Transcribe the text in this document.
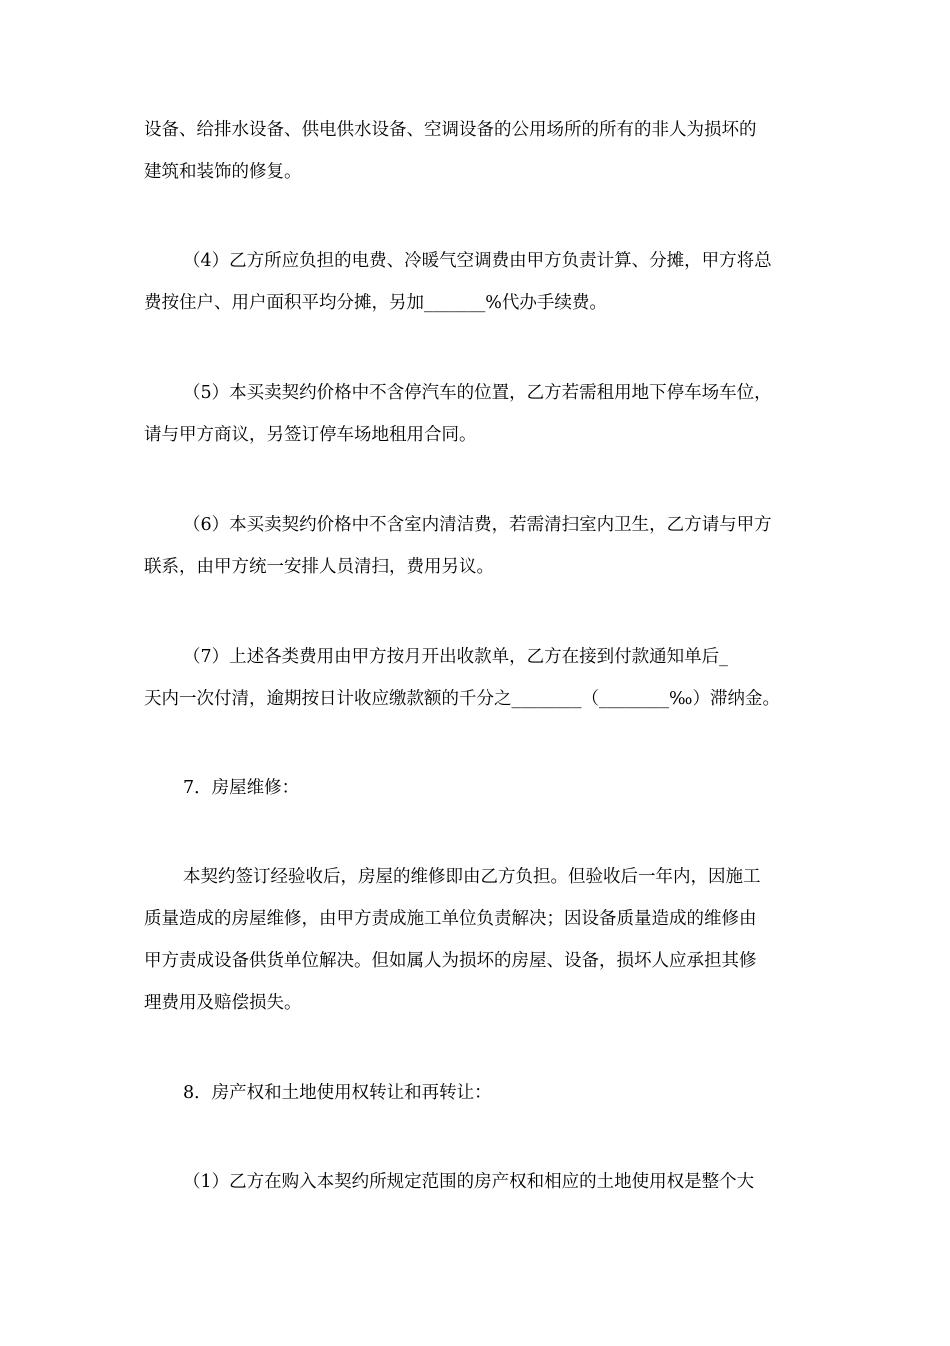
设备、给排水设备、供电供水设备、空调设备的公用场所的所有的非人为损坏的
建筑和装饰的修复。
（4）乙方所应负担的电费、冷暖气空调费由甲方负责计算、分摊，甲方将总
费按住户、用户面积平均分摊，另加_______%代办手续费。
（5）本买卖契约价格中不含停汽车的位置，乙方若需租用地下停车场车位，
请与甲方商议，另签订停车场地租用合同。
（6）本买卖契约价格中不含室内清洁费，若需清扫室内卫生，乙方请与甲方
联系，由甲方统一安排人员清扫，费用另议。
（7）上述各类费用由甲方按月开出收款单，乙方在接到付款通知单后_
天内一次付清，逾期按日计收应缴款额的千分之________（________‰）滞纳金。
7．房屋维修：
本契约签订经验收后，房屋的维修即由乙方负担。但验收后一年内，因施工
质量造成的房屋维修，由甲方责成施工单位负责解决；因设备质量造成的维修由
甲方责成设备供货单位解决。但如属人为损坏的房屋、设备，损坏人应承担其修
理费用及赔偿损失。
8．房产权和土地使用权转让和再转让：
（1）乙方在购入本契约所规定范围的房产权和相应的土地使用权是整个大
